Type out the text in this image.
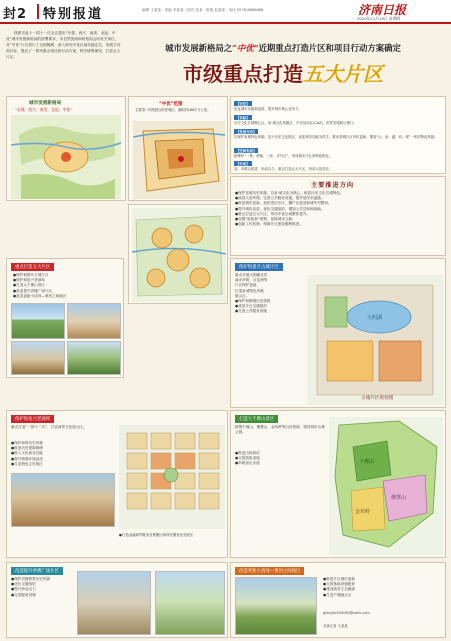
封2 特别报道	编辑 王某某 · 美编 李某某 · 校对 张某 · 组版 赵某某 · 电话 0578-8888888	济南日报
2020年11月19日 星期四
按照市委十一届十一次全会提出“东强、西兴、南美、北起、中优”城市发展新格局的部署要求，市自然资源和规划局会同有关单位，对“中优”片区进行了全面梳理，深入研究中优区域功能定位、发展方向和目标，提出了一系列重点项目和行动方案，科学统筹谋划，打造五大片区。
城市发展新格局之“中优”近期重点打造片区和项目行动方案确定
市级重点打造五大片区
城市发展新格局
“东强、西兴、南美、北起、中优”
“中优”范围
主要指二环路围合的老城区、面积约160平方公里。
【定位】
优化城市功能和品质、提升城市核心竞争力。
【目标】
历史文化名城核心区、泉·城文化风貌区、中央活动区(CAZ)、世界名城展示窗口。
【发展方向】
以保护泉城特色风貌、复兴历史文化街区、优化城市功能为抓手，推动老城片区有机更新，塑造“山、泉、湖、河、城”一体的特色风貌。
【空间布局】
统筹好“一核、两轴、三环、多片区”，形成城市中心和特色街区。
【行动】
省、市联合推进，形成合力，重点打造五大片区，形成示范效应。
主要推进方向
●保护老城历史风貌，以泉·城文化为核心，彰显历史文化名城特色。
●改善人居环境，完善公共服务设施，提升居民幸福感。
●推进城市更新，加快老旧小区、棚户区改造和城中村整治。
●提升城市品质，优化交通组织，增加公共空间和绿地。
●重点打造五大片区，带动中优区域整体提升。
●加强“留改拆”统筹，延续城市文脉。
●创新工作机制，保障片区建设顺利推进。
重点打造五大片区
●保护和提升古城片区
●保护和复兴老商埠
●打造大千佛山景区
●改造提升洪楼广场片区
●改造更新小清河—黄河之间地区
保护和提升古城片区
重点开展大明湖北岸、
曲水亭街、百花洲等
片区保护更新，
打造泉城特色风貌
展示区。
●保护和修缮历史建筑
●改善片区交通组织
●完善公共服务设施
大明湖
古城片区规划图
保护和复兴老商埠
重点打造“一园十二坊”，打造商埠文化展示区。
●保护商埠历史风貌
●推进历史建筑修缮
●植入文化商业功能
●提升街巷环境品质
●打造特色文化街区
●打造金融商贸服务业集聚区和现代服务业发展区
打造大千佛山景区
统筹千佛山、佛慧山、金鸡岭等山体资源，建设城市山林公园。
●推进山体绿化
●完善游览设施
●串联登山步道	千佛山
佛慧山
金鸡岭
改造提升洪楼广场片区
●保护洪楼教堂历史风貌
●优化交通组织
●提升商业活力
●完善配套设施
改造更新小清河—黄河之间地区
●推进片区城市更新
●完善基础设施配套
●建设滨河生态廊道
●打造产城融合区
gfzsyjhc534080@sohu.com
本版记者 王某某
